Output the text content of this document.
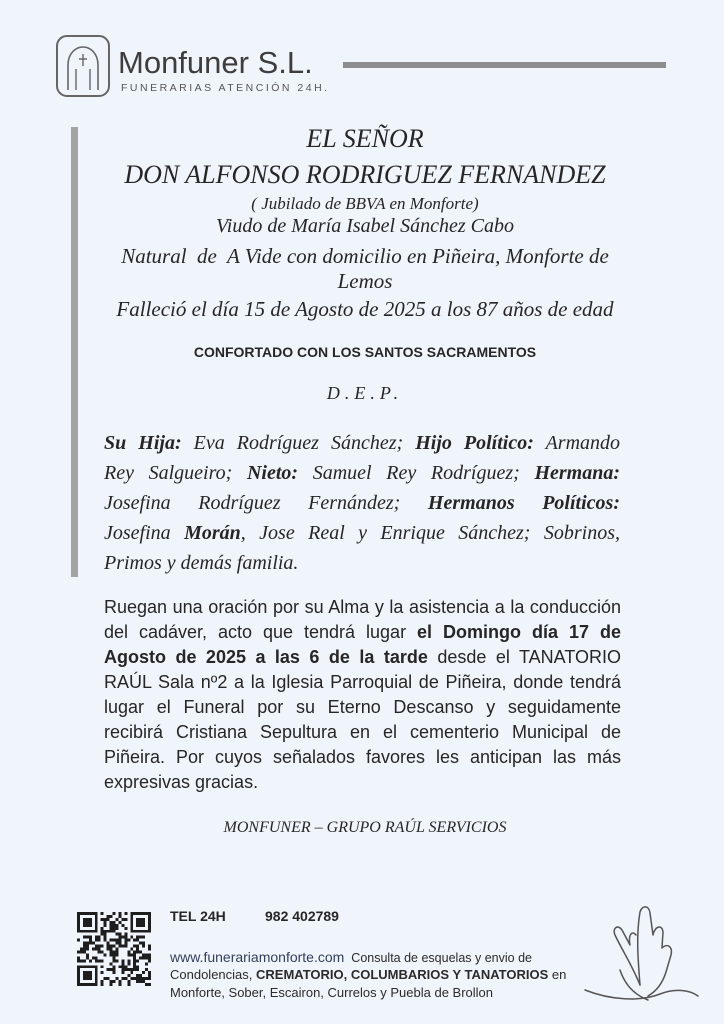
Monfuner S.L.
FUNERARIAS ATENCIÓN 24H.
EL SEÑOR
DON ALFONSO RODRIGUEZ FERNANDEZ
( Jubilado de BBVA en Monforte)
Viudo de María Isabel Sánchez Cabo
Natural  de  A Vide con domicilio en Piñeira, Monforte de
Lemos
Falleció el día 15 de Agosto de 2025 a los 87 años de edad
CONFORTADO CON LOS SANTOS SACRAMENTOS
D.E.P.
Su Hija: Eva Rodríguez Sánchez; Hijo Político: Armando
Rey Salgueiro; Nieto: Samuel Rey Rodríguez; Hermana:
Josefina Rodríguez Fernández; Hermanos Políticos:
Josefina Morán, Jose Real y Enrique Sánchez; Sobrinos,
Primos y demás familia.
Ruegan una oración por su Alma y la asistencia a la conducción
del cadáver, acto que tendrá lugar el Domingo día 17 de
Agosto de 2025 a las 6 de la tarde desde el TANATORIO
RAÚL Sala nº2 a la Iglesia Parroquial de Piñeira, donde tendrá
lugar el Funeral por su Eterno Descanso y seguidamente
recibirá Cristiana Sepultura en el cementerio Municipal de
Piñeira. Por cuyos señalados favores les anticipan las más
expresivas gracias.
MONFUNER – GRUPO RAÚL SERVICIOS
TEL 24H	982 402789
www.funerariamonforte.com Consulta de esquelas y envio de
Condolencias, CREMATORIO, COLUMBARIOS Y TANATORIOS en
Monforte, Sober, Escairon, Currelos y Puebla de Brollon
